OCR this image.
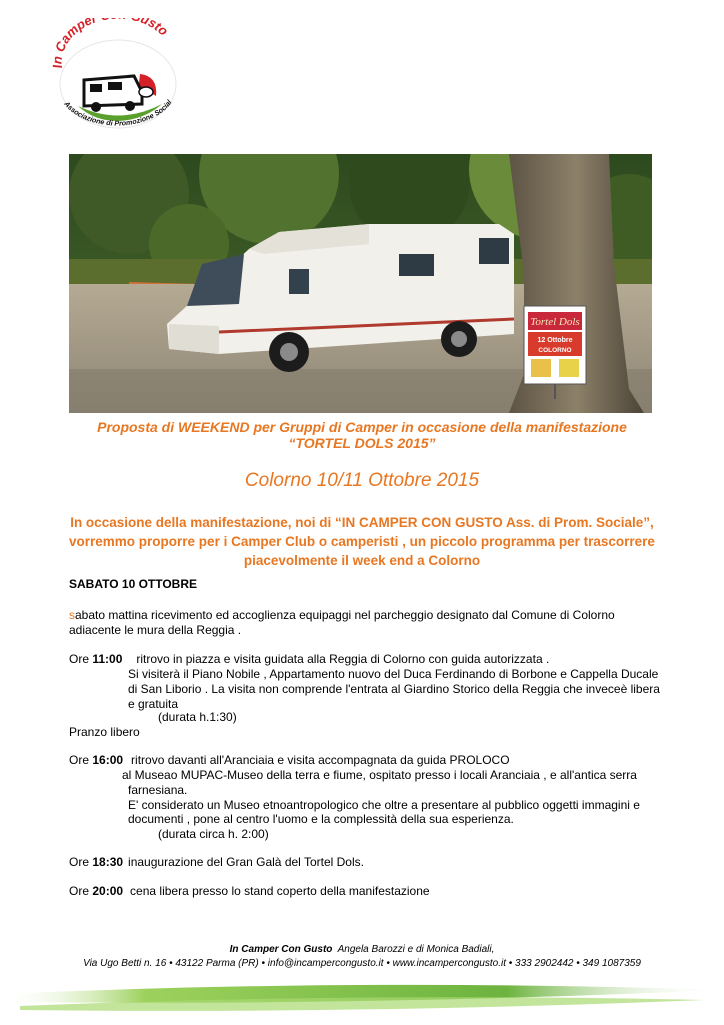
In Camper usto
Associazione di Promozione Social
Tortel Dols
12 Ottobre
COLORNO
Proposta di WEEKEND per Gruppi di Camper in occasione della manifestazione
“TORTEL DOLS 2015”
Colorno 10/11 Ottobre 2015
In occasione della manifestazione, noi di “IN CAMPER CON GUSTO Ass. di Prom. Sociale”,
vorremmo proporre per i Camper Club o camperisti , un piccolo programma per trascorrere
piacevolmente il week end a Colorno
SABATO 10 OTTOBRE
sabato mattina ricevimento ed accoglienza equipaggi nel parcheggio designato dal Comune di Colorno
adiacente le mura della Reggia .
Ore 11:00 ritrovo in piazza e visita guidata alla Reggia di Colorno con guida autorizzata .
Si visiterà il Piano Nobile , Appartamento nuovo del Duca Ferdinando di Borbone e Cappella Ducale
di San Liborio . La visita non comprende l'entrata al Giardino Storico della Reggia che inveceè libera
e gratuita
(durata h.1:30)
Pranzo libero
Ore 16:00 ritrovo davanti all'Aranciaia e visita accompagnata da guida PROLOCO
al Museao MUPAC-Museo della terra e fiume, ospitato presso i locali Aranciaia , e all'antica serra
farnesiana.
E' considerato un Museo etnoantropologico che oltre a presentare al pubblico oggetti immagini e
documenti , pone al centro l'uomo e la complessità della sua esperienza.
(durata circa h. 2:00)
Ore 18:30 inaugurazione del Gran Galà del Tortel Dols.
Ore 20:00 cena libera presso lo stand coperto della manifestazione
In Camper Con Gusto Angela Barozzi e di Monica Badiali,
Via Ugo Betti n. 16 • 43122 Parma (PR) • info@incampercongusto.it • www.incampercongusto.it • 333 2902442 • 349 1087359
